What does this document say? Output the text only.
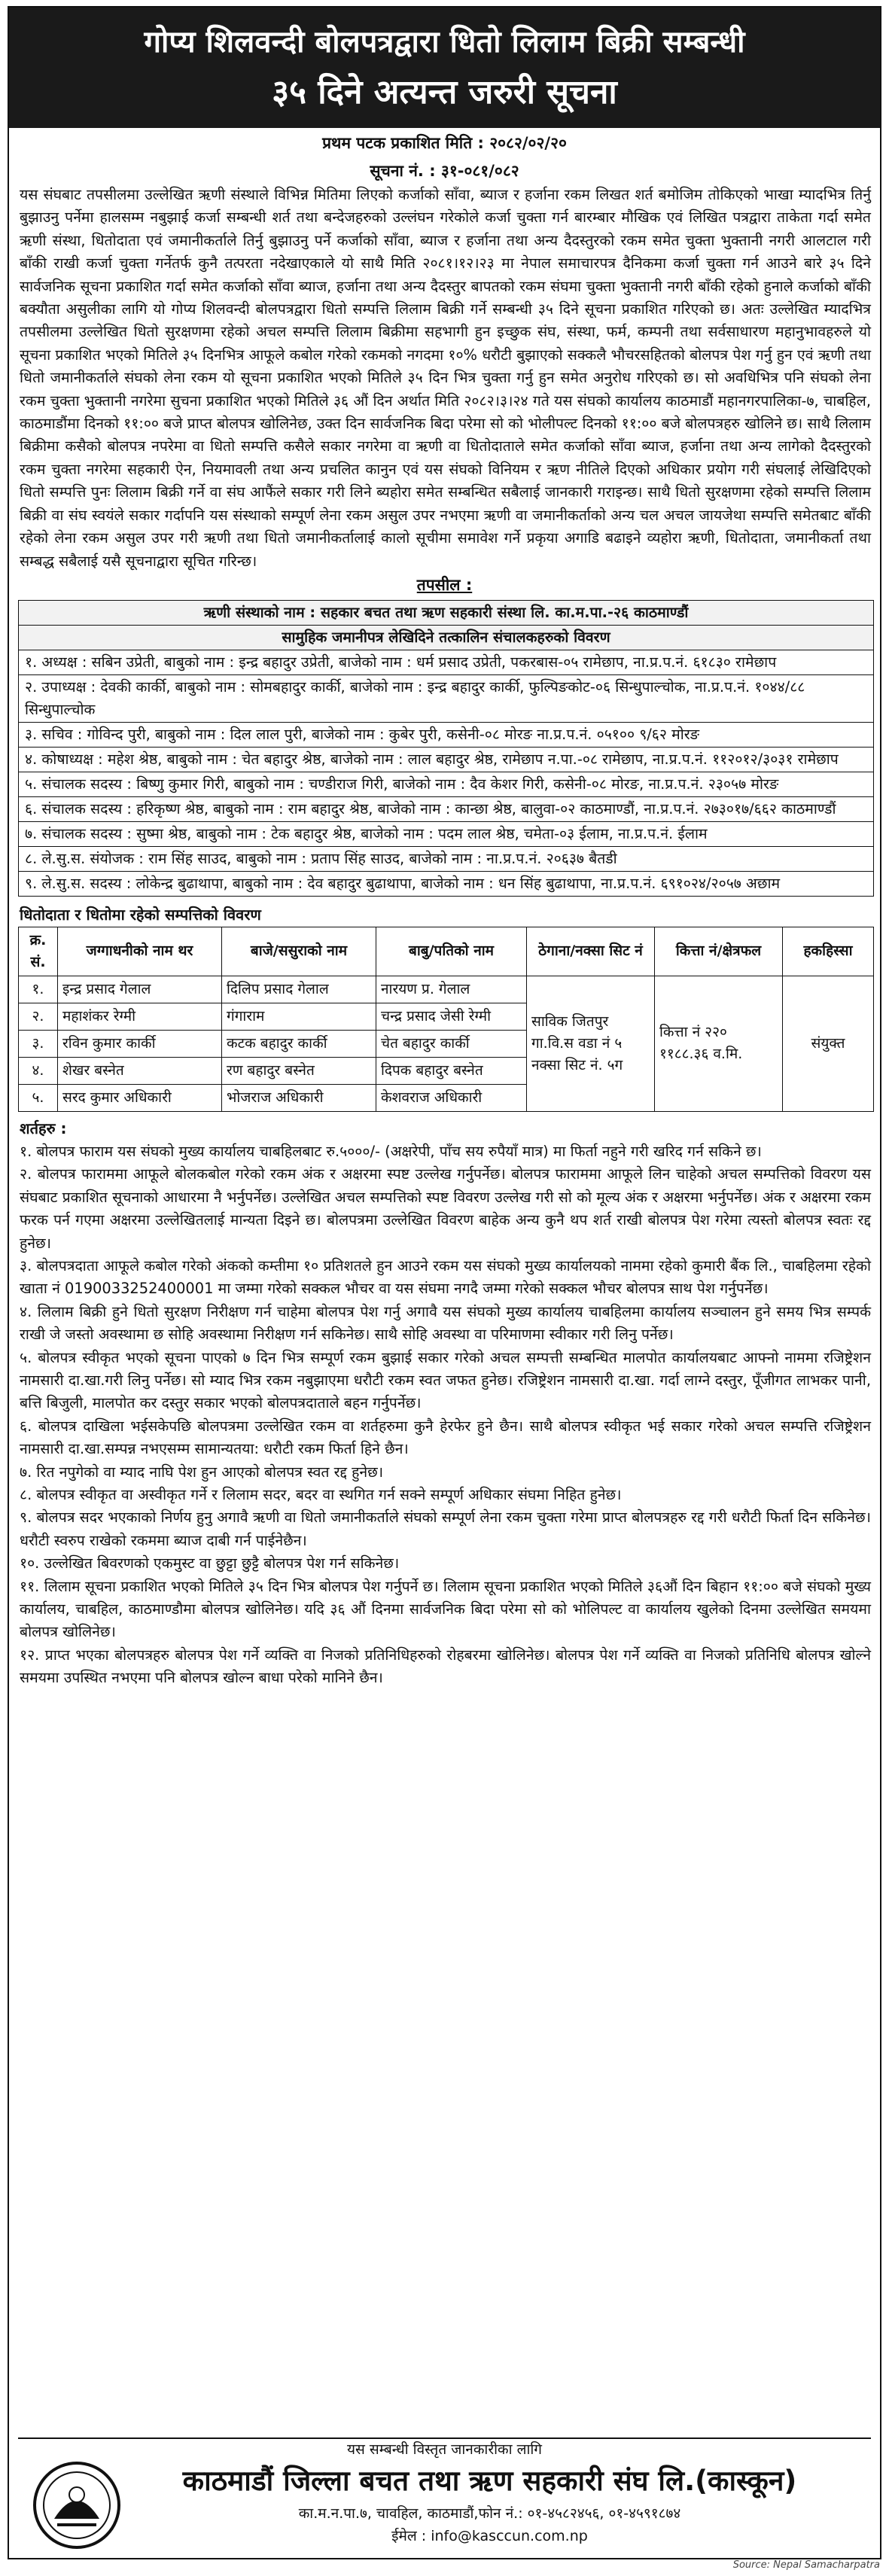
गोप्य शिलवन्दी बोलपत्रद्वारा धितो लिलाम बिक्री सम्बन्धी
३५ दिने अत्यन्त जरुरी सूचना
प्रथम पटक प्रकाशित मिति : २०८२/०२/२०
सूचना नं. : ३१-०८१/०८२

यस संघबाट तपसीलमा उल्लेखित ऋणी संस्थाले विभिन्न मितिमा लिएको कर्जाको साँवा, ब्याज र हर्जाना रकम लिखत शर्त बमोजिम तोकिएको भाखा म्यादभित्र तिर्नु बुझाउनु पर्नेमा हालसम्म नबुझाई कर्जा सम्बन्धी शर्त तथा बन्देजहरुको उल्लंघन गरेकोले कर्जा चुक्ता गर्न बारम्बार मौखिक एवं लिखित पत्रद्वारा ताकेता गर्दा समेत ऋणी संस्था, धितोदाता एवं जमानीकर्ताले तिर्नु बुझाउनु पर्ने कर्जाको साँवा, ब्याज र हर्जाना तथा अन्य दैदस्तुरको रकम समेत चुक्ता भुक्तानी नगरी आलटाल गरी बाँकी राखी कर्जा चुक्ता गर्नेतर्फ कुनै तत्परता नदेखाएकाले यो साथै मिति २०८१।१२।२३ मा नेपाल समाचारपत्र दैनिकमा कर्जा चुक्ता गर्न आउने बारे ३५ दिने सार्वजनिक सूचना प्रकाशित गर्दा समेत कर्जाको साँवा ब्याज, हर्जाना तथा अन्य दैदस्तुर बापतको रकम संघमा चुक्ता भुक्तानी नगरी बाँकी रहेको हुनाले कर्जाको बाँकी बक्यौता असुलीका लागि यो गोप्य शिलवन्दी बोलपत्रद्वारा धितो सम्पत्ति लिलाम बिक्री गर्ने सम्बन्धी ३५ दिने सूचना प्रकाशित गरिएको छ। अतः उल्लेखित म्यादभित्र तपसीलमा उल्लेखित धितो सुरक्षणमा रहेको अचल सम्पत्ति लिलाम बिक्रीमा सहभागी हुन इच्छुक संघ, संस्था, फर्म, कम्पनी तथा सर्वसाधारण महानुभावहरुले यो सूचना प्रकाशित भएको मितिले ३५ दिनभित्र आफूले कबोल गरेको रकमको नगदमा १०% धरौटी बुझाएको सक्कलै भौचरसहितको बोलपत्र पेश गर्नु हुन एवं ऋणी तथा धितो जमानीकर्ताले संघको लेना रकम यो सूचना प्रकाशित भएको मितिले ३५ दिन भित्र चुक्ता गर्नु हुन समेत अनुरोध गरिएको छ। सो अवधिभित्र पनि संघको लेना रकम चुक्ता भुक्तानी नगरेमा सुचना प्रकाशित भएको मितिले ३६ औं दिन अर्थात मिति २०८२।३।२४ गते यस संघको कार्यालय काठमाडौं महानगरपालिका-७, चाबहिल, काठमाडौंमा दिनको ११:०० बजे प्राप्त बोलपत्र खोलिनेछ, उक्त दिन सार्वजनिक बिदा परेमा सो को भोलीपल्ट दिनको ११:०० बजे बोलपत्रहरु खोलिने छ। साथै लिलाम बिक्रीमा कसैको बोलपत्र नपरेमा वा धितो सम्पत्ति कसैले सकार नगरेमा वा ऋणी वा धितोदाताले समेत कर्जाको साँवा ब्याज, हर्जाना तथा अन्य लागेको दैदस्तुरको रकम चुक्ता नगरेमा सहकारी ऐन, नियमावली तथा अन्य प्रचलित कानुन एवं यस संघको विनियम र ऋण नीतिले दिएको अधिकार प्रयोग गरी संघलाई लेखिदिएको धितो सम्पत्ति पुनः लिलाम बिक्री गर्ने वा संघ आफैंले सकार गरी लिने ब्यहोरा समेत सम्बन्धित सबैलाई जानकारी गराइन्छ। साथै धितो सुरक्षणमा रहेको सम्पत्ति लिलाम बिक्री वा संघ स्वयंले सकार गर्दापनि यस संस्थाको सम्पूर्ण लेना रकम असुल उपर नभएमा ऋणी वा जमानीकर्ताको अन्य चल अचल जायजेथा सम्पत्ति समेतबाट बाँकी रहेको लेना रकम असुल उपर गरी ऋणी तथा धितो जमानीकर्तालाई कालो सूचीमा समावेश गर्ने प्रकृया अगाडि बढाइने व्यहोरा ऋणी, धितोदाता, जमानीकर्ता तथा सम्बद्ध सबैलाई यसै सूचनाद्वारा सूचित गरिन्छ।

तपसील :
ऋणी संस्थाको नाम : सहकार बचत तथा ऋण सहकारी संस्था लि. का.म.पा.-२६ काठमाण्डौं
सामुहिक जमानीपत्र लेखिदिने तत्कालिन संचालकहरुको विवरण
१. अध्यक्ष : सबिन उप्रेती, बाबुको नाम : इन्द्र बहादुर उप्रेती, बाजेको नाम : धर्म प्रसाद उप्रेती, पकरबास-०५ रामेछाप, ना.प्र.प.नं. ६१८३० रामेछाप
२. उपाध्यक्ष : देवकी कार्की, बाबुको नाम : सोमबहादुर कार्की, बाजेको नाम : इन्द्र बहादुर कार्की, फुल्पिङकोट-०६ सिन्धुपाल्चोक, ना.प्र.प.नं. १०४४/८८ सिन्धुपाल्चोक
३. सचिव : गोविन्द पुरी, बाबुको नाम : दिल लाल पुरी, बाजेको नाम : कुबेर पुरी, कसेनी-०८ मोरङ ना.प्र.प.नं. ०५१०० ९/६२ मोरङ
४. कोषाध्यक्ष : महेश श्रेष्ठ, बाबुको नाम : चेत बहादुर श्रेष्ठ, बाजेको नाम : लाल बहादुर श्रेष्ठ, रामेछाप न.पा.-०८ रामेछाप, ना.प्र.प.नं. ११२०१२/३०३१ रामेछाप
५. संचालक सदस्य : बिष्णु कुमार गिरी, बाबुको नाम : चण्डीराज गिरी, बाजेको नाम : दैव केशर गिरी, कसेनी-०८ मोरङ, ना.प्र.प.नं. २३०५७ मोरङ
६. संचालक सदस्य : हरिकृष्ण श्रेष्ठ, बाबुको नाम : राम बहादुर श्रेष्ठ, बाजेको नाम : कान्छा श्रेष्ठ, बालुवा-०२ काठमाण्डौं, ना.प्र.प.नं. २७३०१७/६६२ काठमाण्डौं
७. संचालक सदस्य : सुष्मा श्रेष्ठ, बाबुको नाम : टेक बहादुर श्रेष्ठ, बाजेको नाम : पदम लाल श्रेष्ठ, चमेता-०३ ईलाम, ना.प्र.प.नं. ईलाम
८. ले.सु.स. संयोजक : राम सिंह साउद, बाबुको नाम : प्रताप सिंह साउद, बाजेको नाम : ना.प्र.प.नं. २०६३७ बैतडी
९. ले.सु.स. सदस्य : लोकेन्द्र बुढाथापा, बाबुको नाम : देव बहादुर बुढाथापा, बाजेको नाम : धन सिंह बुढाथापा, ना.प्र.प.नं. ६९१०२४/२०५७ अछाम
धितोदाता र धितोमा रहेको सम्पत्तिको विवरण
क्र. सं.	जग्गाधनीको नाम थर	बाजे/ससुराको नाम	बाबु/पतिको नाम	ठेगाना/नक्सा सिट नं	कित्ता नं/क्षेत्रफल	हकहिस्सा
१.	इन्द्र प्रसाद गेलाल	दिलिप प्रसाद गेलाल	नारयण प्र. गेलाल	साविक जितपुर गा.वि.स वडा नं ५ नक्सा सिट नं. ५ग	कित्ता नं २२० ११८८.३६ व.मि.	संयुक्त
२.	महाशंकर रेग्मी	गंगाराम	चन्द्र प्रसाद जेसी रेग्मी			
३.	रविन कुमार कार्की	कटक बहादुर कार्की	चेत बहादुर कार्की			
४.	शेखर बस्नेत	रण बहादुर बस्नेत	दिपक बहादुर बस्नेत			
५.	सरद कुमार अधिकारी	भोजराज अधिकारी	केशवराज अधिकारी			
शर्तहरु :

१. बोलपत्र फाराम यस संघको मुख्य कार्यालय चाबहिलबाट रु.५०००/- (अक्षरेपी, पाँच सय रुपैयाँ मात्र) मा फिर्ता नहुने गरी खरिद गर्न सकिने छ।

२. बोलपत्र फाराममा आफूले बोलकबोल गरेको रकम अंक र अक्षरमा स्पष्ट उल्लेख गर्नुपर्नेछ। बोलपत्र फाराममा आफूले लिन चाहेको अचल सम्पत्तिको विवरण यस संघबाट प्रकाशित सूचनाको आधारमा नै भर्नुपर्नेछ। उल्लेखित अचल सम्पत्तिको स्पष्ट विवरण उल्लेख गरी सो को मूल्य अंक र अक्षरमा भर्नुपर्नेछ। अंक र अक्षरमा रकम फरक पर्न गएमा अक्षरमा उल्लेखितलाई मान्यता दिइने छ। बोलपत्रमा उल्लेखित विवरण बाहेक अन्य कुनै थप शर्त राखी बोलपत्र पेश गरेमा त्यस्तो बोलपत्र स्वतः रद्द हुनेछ।

३. बोलपत्रदाता आफूले कबोल गरेको अंकको कम्तीमा १० प्रतिशतले हुन आउने रकम यस संघको मुख्य कार्यालयको नाममा रहेको कुमारी बैंक लि., चाबहिलमा रहेको खाता नं 0190033252400001 मा जम्मा गरेको सक्कल भौचर वा यस संघमा नगदै जम्मा गरेको सक्कल भौचर बोलपत्र साथ पेश गर्नुपर्नेछ।

४. लिलाम बिक्री हुने धितो सुरक्षण निरीक्षण गर्न चाहेमा बोलपत्र पेश गर्नु अगावै यस संघको मुख्य कार्यालय चाबहिलमा कार्यालय सञ्चालन हुने समय भित्र सम्पर्क राखी जे जस्तो अवस्थामा छ सोहि अवस्थामा निरीक्षण गर्न सकिनेछ। साथै सोहि अवस्था वा परिमाणमा स्वीकार गरी लिनु पर्नेछ।

५. बोलपत्र स्वीकृत भएको सूचना पाएको ७ दिन भित्र सम्पूर्ण रकम बुझाई सकार गरेको अचल सम्पत्ती सम्बन्धित मालपोत कार्यालयबाट आफ्नो नाममा रजिष्ट्रेशन नामसारी दा.खा.गरी लिनु पर्नेछ। सो म्याद भित्र रकम नबुझाएमा धरौटी रकम स्वत जफत हुनेछ। रजिष्ट्रेशन नामसारी दा.खा. गर्दा लाग्ने दस्तुर, पूँजीगत लाभकर पानी, बत्ति बिजुली, मालपोत कर दस्तुर सकार भएको बोलपत्रदाताले बहन गर्नुपर्नेछ।

६. बोलपत्र दाखिला भईसकेपछि बोलपत्रमा उल्लेखित रकम वा शर्तहरुमा कुनै हेरफेर हुने छैन। साथै बोलपत्र स्वीकृत भई सकार गरेको अचल सम्पत्ति रजिष्ट्रेशन नामसारी दा.खा.सम्पन्न नभएसम्म सामान्यतया: धरौटी रकम फिर्ता हिने छैन।

७. रित नपुगेको वा म्याद नाघि पेश हुन आएको बोलपत्र स्वत रद्द हुनेछ।

८. बोलपत्र स्वीकृत वा अस्वीकृत गर्ने र लिलाम सदर, बदर वा स्थगित गर्न सक्ने सम्पूर्ण अधिकार संघमा निहित हुनेछ।

९. बोलपत्र सदर भएकाको निर्णय हुनु अगावै ऋणी वा धितो जमानीकर्ताले संघको सम्पूर्ण लेना रकम चुक्ता गरेमा प्राप्त बोलपत्रहरु रद्द गरी धरौटी फिर्ता दिन सकिनेछ। धरौटी स्वरुप राखेको रकममा ब्याज दाबी गर्न पाईनेछैन।

१०. उल्लेखित बिवरणको एकमुस्ट वा छुट्टा छुट्टै बोलपत्र पेश गर्न सकिनेछ।

११. लिलाम सूचना प्रकाशित भएको मितिले ३५ दिन भित्र बोलपत्र पेश गर्नुपर्ने छ। लिलाम सूचना प्रकाशित भएको मितिले ३६औं दिन बिहान ११:०० बजे संघको मुख्य कार्यालय, चाबहिल, काठमाण्डौमा बोलपत्र खोलिनेछ। यदि ३६ औं दिनमा सार्वजनिक बिदा परेमा सो को भोलिपल्ट वा कार्यालय खुलेको दिनमा उल्लेखित समयमा बोलपत्र खोलिनेछ।

१२. प्राप्त भएका बोलपत्रहरु बोलपत्र पेश गर्ने व्यक्ति वा निजको प्रतिनिधिहरुको रोहबरमा खोलिनेछ। बोलपत्र पेश गर्ने व्यक्ति वा निजको प्रतिनिधि बोलपत्र खोल्ने समयमा उपस्थित नभएमा पनि बोलपत्र खोल्न बाधा परेको मानिने छैन।

यस सम्बन्धी विस्तृत जानकारीका लागि
काठमाडौं जिल्ला बचत तथा ऋण सहकारी संघ लि.(कास्कून)
का.म.न.पा.७, चावहिल, काठमाडौं,फोन नं.: ०१-४५८२४५६, ०१-४५९१८७४
ईमेल : info@kasccun.com.np
Source: Nepal Samacharpatra
